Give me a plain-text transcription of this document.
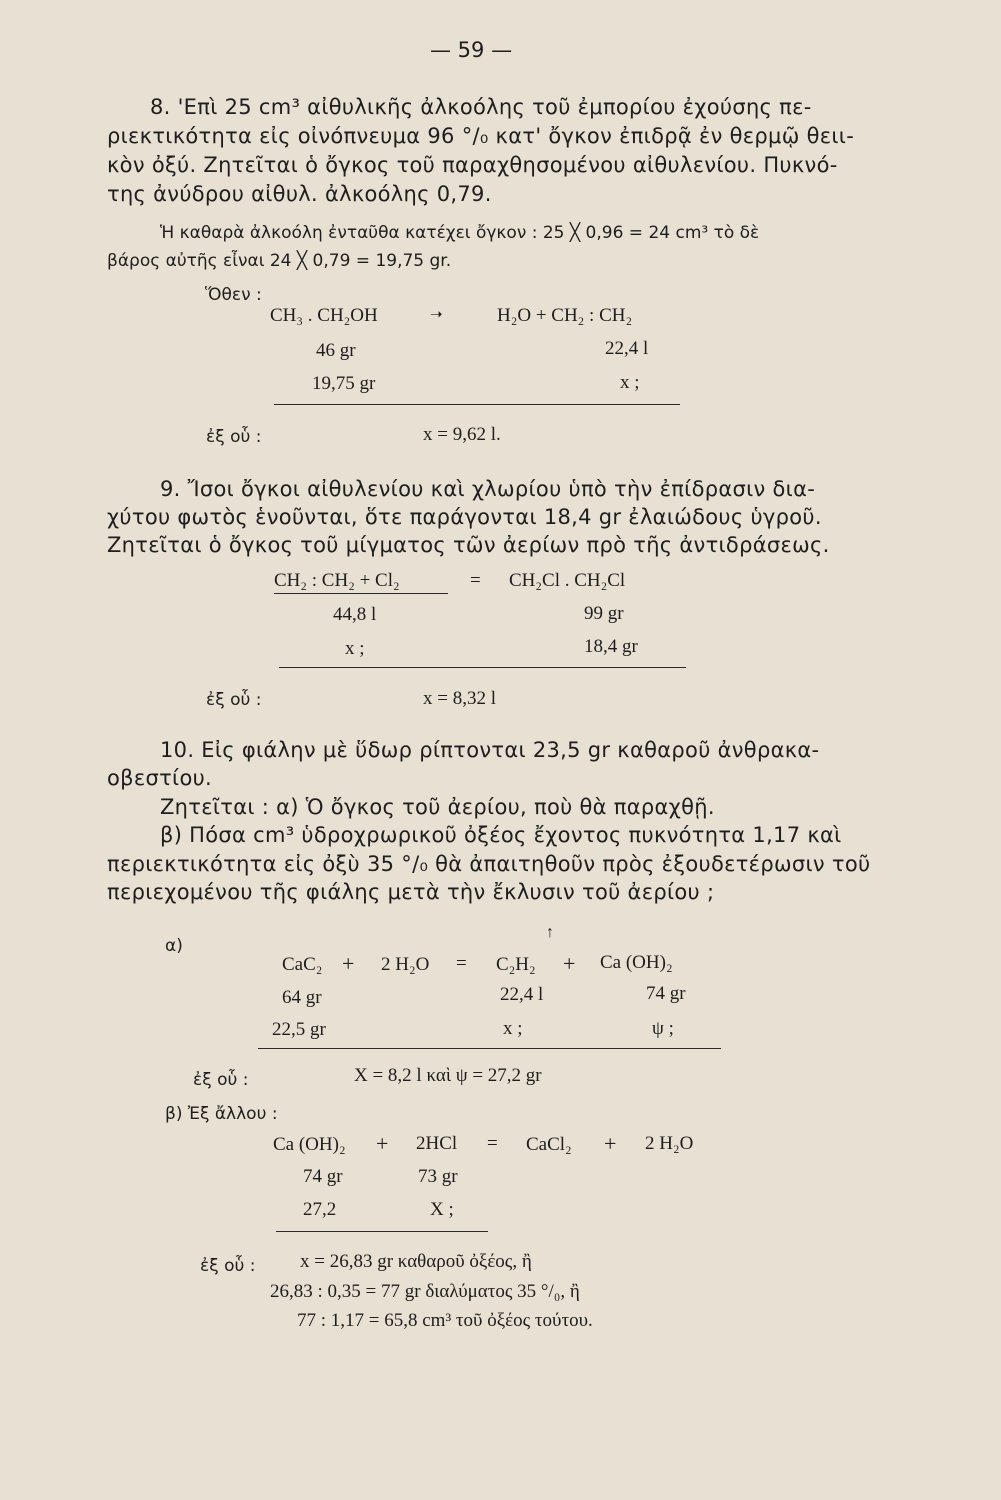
— 59 —
8. 'Επὶ 25 cm³ αἰθυλικῆς ἀλκοόλης τοῦ ἐμπορίου ἐχούσης πε-
ριεκτικότητα εἰς οἰνόπνευμα 96 °/₀ κατ' ὄγκον ἐπιδρᾷ ἐν θερμῷ θειι-
κὸν ὀξύ. Ζητεῖται ὁ ὄγκος τοῦ παραχθησομένου αἰθυλενίου. Πυκνό-
της ἀνύδρου αἰθυλ. ἀλκοόλης 0,79.
Ἡ καθαρὰ ἀλκοόλη ἐνταῦθα κατέχει ὄγκον : 25 ╳ 0,96 = 24 cm³ τὸ δὲ
βάρος αὐτῆς εἶναι 24 ╳ 0,79 = 19,75 gr.
Ὅθεν :
CH₃ . CH₂OH	➝	H₂O + CH₂ : CH₂
46 gr	22,4 l
19,75 gr	x ;
ἐξ οὗ :	x = 9,62 l.
9. Ἴσοι ὄγκοι αἰθυλενίου καὶ χλωρίου ὑπὸ τὴν ἐπίδρασιν δια-
χύτου φωτὸς ἑνοῦνται, ὅτε παράγονται 18,4 gr ἐλαιώδους ὑγροῦ.
Ζητεῖται ὁ ὄγκος τοῦ μίγματος τῶν ἀερίων πρὸ τῆς ἀντιδράσεως.
CH₂ : CH₂ + Cl₂	= CH₂Cl . CH₂Cl
44,8 l	99 gr
x ;	18,4 gr
ἐξ οὗ :	x = 8,32 l
10. Εἰς φιάλην μὲ ὕδωρ ρίπτονται 23,5 gr καθαροῦ ἀνθρακα-
οβεστίου.
Ζητεῖται : α) Ὁ ὄγκος τοῦ ἀερίου, ποὺ θὰ παραχθῇ.
β) Πόσα cm³ ὑδροχρωρικοῦ ὀξέος ἔχοντος πυκνότητα 1,17 καὶ
περιεκτικότητα εἰς ὀξὺ 35 °/₀ θὰ ἀπαιτηθοῦν πρὸς ἐξουδετέρωσιν τοῦ
περιεχομένου τῆς φιάλης μετὰ τὴν ἔκλυσιν τοῦ ἀερίου ;
α)
↑
CaC₂ + 2 H₂O = C₂H₂ + Ca (OH)₂
64 gr	22,4 l	74 gr
22,5 gr	x ;	ψ ;
ἐξ οὗ :	X = 8,2 l καὶ ψ = 27,2 gr
β) Ἐξ ἄλλου :
Ca (OH)₂ + 2HCl = CaCl₂ + 2 H₂O
74 gr	73 gr
27,2	X ;
ἐξ οὗ : x = 26,83 gr καθαροῦ ὀξέος, ἢ
26,83 : 0,35 = 77 gr διαλύματος 35 °/₀, ἢ
77 : 1,17 = 65,8 cm³ τοῦ ὀξέος τούτου.
